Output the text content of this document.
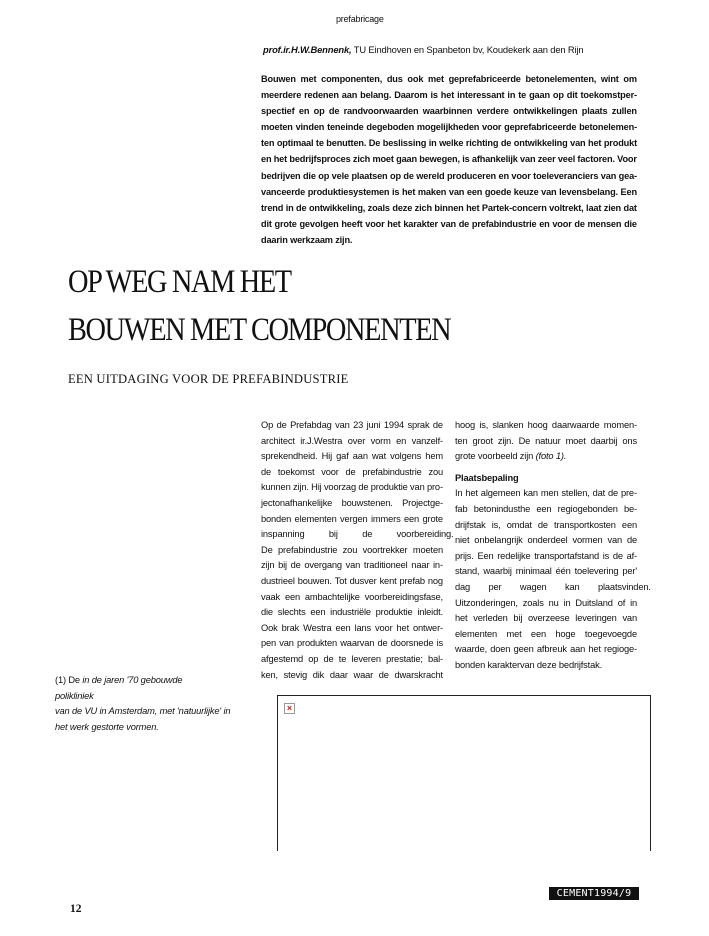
prefabricage
prof.ir.H.W.Bennenk, TU Eindhoven en Spanbeton bv, Koudekerk aan den Rijn
Bouwen met componenten, dus ook met geprefabriceerde betonelementen, wint om
meerdere redenen aan belang. Daarom is het interessant in te gaan op dit toekomstper-
spectief en op de randvoorwaarden waarbinnen verdere ontwikkelingen plaats zullen
moeten vinden teneinde degeboden mogelijkheden voor geprefabriceerde betonelemen-
ten optimaal te benutten. De beslissing in welke richting de ontwikkeling van het produkt
en het bedrijfsproces zich moet gaan bewegen, is afhankelijk van zeer veel factoren. Voor
bedrijven die op vele plaatsen op de wereld produceren en voor toeleveranciers van gea-
vanceerde produktiesystemen is het maken van een goede keuze van levensbelang. Een
trend in de ontwikkeling, zoals deze zich binnen het Partek-concern voltrekt, laat zien dat
dit grote gevolgen heeft voor het karakter van de prefabindustrie en voor de mensen die
daarin werkzaam zijn.
OP WEG NAM HET
BOUWEN MET COMPONENTEN
EEN UITDAGING VOOR DE PREFABINDUSTRIE
Op de Prefabdag van 23 juni 1994 sprak de
architect ir.J.Westra over vorm en vanzelf-
sprekendheid. Hij gaf aan wat volgens hem
de toekomst voor de prefabindustrie zou
kunnen zijn. Hij voorzag de produktie van pro-
jectonafhankelijke bouwstenen. Projectge-
bonden elementen vergen immers een grote
inspanning bij de voorbereiding.
De prefabindustrie zou voortrekker moeten
zijn bij de overgang van traditioneel naar in-
dustrieel bouwen. Tot dusver kent prefab nog
vaak een ambachtelijke voorbereidingsfase,
die slechts een industriële produktie inleidt.
Ook brak Westra een lans voor het ontwer-
pen van produkten waarvan de doorsnede is
afgestemd op de te leveren prestatie; bal-
ken, stevig dik daar waar de dwarskracht
hoog is, slanken hoog daarwaarde momen-
ten groot zijn. De natuur moet daarbij ons
grote voorbeeld zijn (foto 1).
Plaatsbepaling
In het algemeen kan men stellen, dat de pre-
fab betonindusthe een regiogebonden be-
drijfstak is, omdat de transportkosten een
niet onbelangrijk onderdeel vormen van de
prijs. Een redelijke transportafstand is de af-
stand, waarbij minimaal één toelevering per'
dag per wagen kan plaatsvinden.
Uitzonderingen, zoals nu in Duitsland of in
het verleden bij overzeese leveringen van
elementen met een hoge toegevoegde
waarde, doen geen afbreuk aan het regioge-
bonden karaktervan deze bedrijfstak.
(1) De in de jaren '70 gebouwde
polikliniek
van de VU in Amsterdam, met 'natuurlijke' in
het werk gestorte vormen.
×
CEMENT1994/9
12
